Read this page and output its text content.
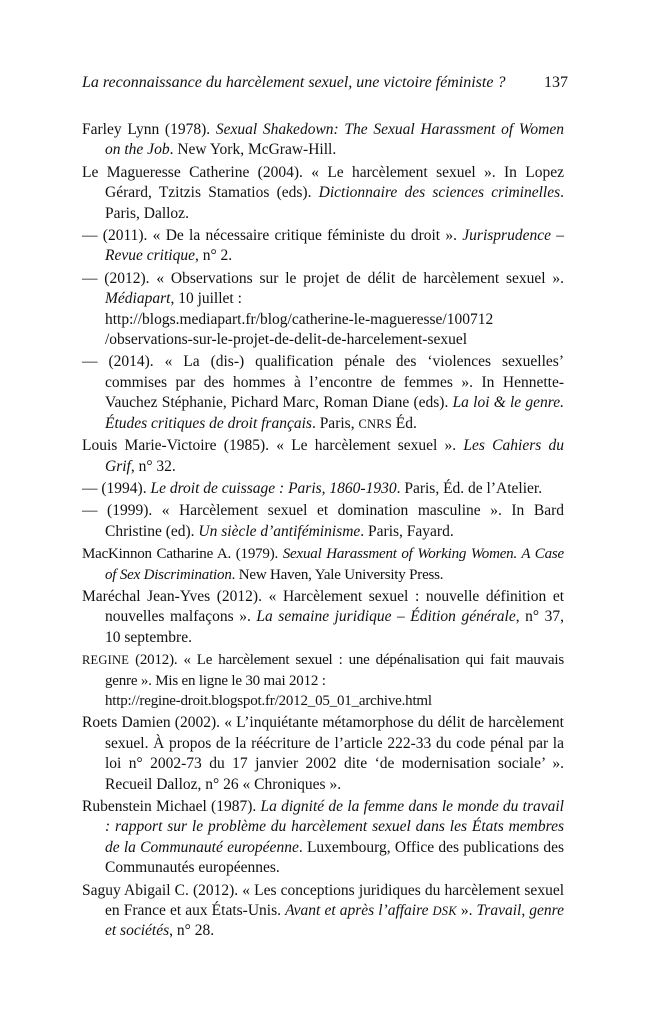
La reconnaissance du harcèlement sexuel, une victoire féministe ? 137

Farley Lynn (1978). Sexual Shakedown: The Sexual Harassment of Women on the Job. New York, McGraw-Hill.

Le Magueresse Catherine (2004). « Le harcèlement sexuel ». In Lopez Gérard, Tzitzis Stamatios (eds). Dictionnaire des sciences criminelles. Paris, Dalloz.

— (2011). « De la nécessaire critique féministe du droit ». Jurisprudence – Revue critique, n° 2.

— (2012). « Observations sur le projet de délit de harcèlement sexuel ». Médiapart, 10 juillet :
http://blogs.mediapart.fr/blog/catherine-le-magueresse/100712
/observations-sur-le-projet-de-delit-de-harcelement-sexuel

— (2014). « La (dis-) qualification pénale des ‘violences sexuelles’ commises par des hommes à l’encontre de femmes ». In Hennette-Vauchez Stéphanie, Pichard Marc, Roman Diane (eds). La loi & le genre. Études critiques de droit français. Paris, CNRS Éd.

Louis Marie-Victoire (1985). « Le harcèlement sexuel ». Les Cahiers du Grif, n° 32.

— (1994). Le droit de cuissage : Paris, 1860-1930. Paris, Éd. de l’Atelier.

— (1999). « Harcèlement sexuel et domination masculine ». In Bard Christine (ed). Un siècle d’antiféminisme. Paris, Fayard.

MacKinnon Catharine A. (1979). Sexual Harassment of Working Women. A Case of Sex Discrimination. New Haven, Yale University Press.

Maréchal Jean-Yves (2012). « Harcèlement sexuel : nouvelle définition et nouvelles malfaçons ». La semaine juridique – Édition générale, n° 37, 10 septembre.

REGINE (2012). « Le harcèlement sexuel : une dépénalisation qui fait mauvais genre ». Mis en ligne le 30 mai 2012 :
http://regine-droit.blogspot.fr/2012_05_01_archive.html

Roets Damien (2002). « L’inquiétante métamorphose du délit de harcèlement sexuel. À propos de la réécriture de l’article 222-33 du code pénal par la loi n° 2002-73 du 17 janvier 2002 dite ‘de modernisation sociale’ ». Recueil Dalloz, n° 26 « Chroniques ».

Rubenstein Michael (1987). La dignité de la femme dans le monde du travail : rapport sur le problème du harcèlement sexuel dans les États membres de la Communauté européenne. Luxembourg, Office des publications des Communautés européennes.

Saguy Abigail C. (2012). « Les conceptions juridiques du harcèlement sexuel en France et aux États-Unis. Avant et après l’affaire DSK ». Travail, genre et sociétés, n° 28.
